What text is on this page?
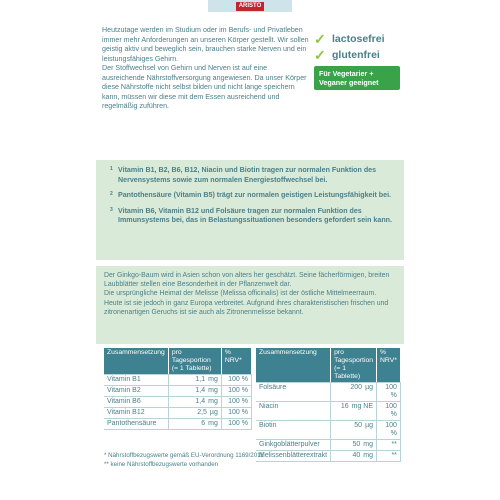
ARISTO

Heutzutage werden im Studium oder im Berufs- und Privatleben immer mehr Anforderungen an unseren Körper gestellt. Wir sollen geistig aktiv und beweglich sein, brauchen starke Nerven und ein leistungsfähiges Gehirn.

Der Stoffwechsel von Gehirn und Nerven ist auf eine ausreichende Nährstoffversorgung angewiesen. Da unser Körper diese Nährstoffe nicht selbst bilden und nicht lange speichern kann, müssen wir diese mit dem Essen ausreichend und regelmäßig zuführen.

✓ lactosefrei
✓ glutenfrei
Für Vegetarier + Veganer geeignet
1 Vitamin B1, B2, B6, B12, Niacin und Biotin tragen zur normalen Funktion des Nervensystems sowie zum normalen Energiestoffwechsel bei.
2 Pantothensäure (Vitamin B5) trägt zur normalen geistigen Leistungsfähigkeit bei.
3 Vitamin B6, Vitamin B12 und Folsäure tragen zur normalen Funktion des Immunsystems bei, das in Belastungssituationen besonders gefordert sein kann.

Der Ginkgo-Baum wird in Asien schon von alters her geschätzt. Seine fächerförmigen, breiten Laubblätter stellen eine Besonderheit in der Pflanzenwelt dar.

Die ursprüngliche Heimat der Melisse (Melissa officinalis) ist der östliche Mittelmeerraum. Heute ist sie jedoch in ganz Europa verbreitet. Aufgrund ihres charakteristischen frischen und zitronenartigen Geruchs ist sie auch als Zitronenmelisse bekannt.

Zusammensetzung	pro Tagesportion (= 1 Tablette)	% NRV*
Vitamin B1	1,1 mg	100 %
Vitamin B2	1,4 mg	100 %
Vitamin B6	1,4 mg	100 %
Vitamin B12	2,5 µg	100 %
Pantothensäure	6 mg	100 %
Zusammensetzung	pro Tagesportion (= 1 Tablette)	% NRV*
Folsäure	200 µg	100 %
Niacin	16 mg NE	100 %
Biotin	50 µg	100 %
Ginkgoblätterpulver	50 mg	**
Melissenblätterextrakt	40 mg	**
* Nährstoffbezugswerte gemäß EU-Verordnung 1169/2011
** keine Nährstoffbezugswerte vorhanden
